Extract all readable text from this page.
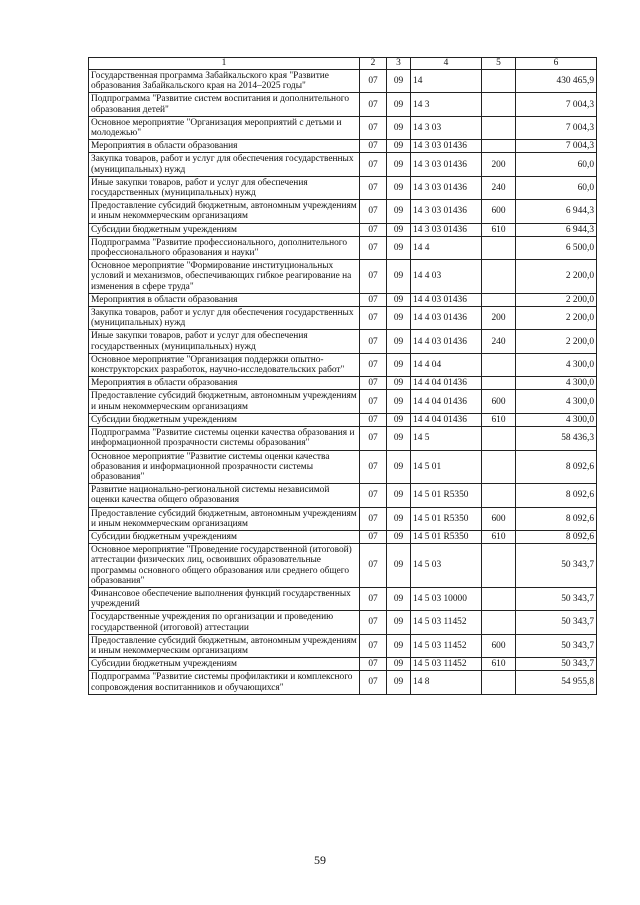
1	2	3	4	5	6
Государственная программа Забайкальского края "Развитие образования Забайкальского края на 2014–2025 годы"	07	09	14		430 465,9
Подпрограмма "Развитие систем воспитания и дополнительного образования детей"	07	09	14 3		7 004,3
Основное мероприятие "Организация мероприятий с детьми и молодежью"	07	09	14 3 03		7 004,3
Мероприятия в области образования	07	09	14 3 03 01436		7 004,3
Закупка товаров, работ и услуг для обеспечения государственных (муниципальных) нужд	07	09	14 3 03 01436	200	60,0
Иные закупки товаров, работ и услуг для обеспечения государственных (муниципальных) нужд	07	09	14 3 03 01436	240	60,0
Предоставление субсидий бюджетным, автономным учреждениям и иным некоммерческим организациям	07	09	14 3 03 01436	600	6 944,3
Субсидии бюджетным учреждениям	07	09	14 3 03 01436	610	6 944,3
Подпрограмма "Развитие профессионального, дополнительного профессионального образования и науки"	07	09	14 4		6 500,0
Основное мероприятие "Формирование институциональных условий и механизмов, обеспечивающих гибкое реагирование на изменения в сфере труда"	07	09	14 4 03		2 200,0
Мероприятия в области образования	07	09	14 4 03 01436		2 200,0
Закупка товаров, работ и услуг для обеспечения государственных (муниципальных) нужд	07	09	14 4 03 01436	200	2 200,0
Иные закупки товаров, работ и услуг для обеспечения государственных (муниципальных) нужд	07	09	14 4 03 01436	240	2 200,0
Основное мероприятие "Организация поддержки опытно-конструкторских разработок, научно-исследовательских работ"	07	09	14 4 04		4 300,0
Мероприятия в области образования	07	09	14 4 04 01436		4 300,0
Предоставление субсидий бюджетным, автономным учреждениям и иным некоммерческим организациям	07	09	14 4 04 01436	600	4 300,0
Субсидии бюджетным учреждениям	07	09	14 4 04 01436	610	4 300,0
Подпрограмма "Развитие системы оценки качества образования и информационной прозрачности системы образования"	07	09	14 5		58 436,3
Основное мероприятие "Развитие системы оценки качества образования и информационной прозрачности системы образования"	07	09	14 5 01		8 092,6
Развитие национально-региональной системы независимой оценки качества общего образования	07	09	14 5 01 R5350		8 092,6
Предоставление субсидий бюджетным, автономным учреждениям и иным некоммерческим организациям	07	09	14 5 01 R5350	600	8 092,6
Субсидии бюджетным учреждениям	07	09	14 5 01 R5350	610	8 092,6
Основное мероприятие "Проведение государственной (итоговой) аттестации физических лиц, освоивших образовательные программы основного общего образования или среднего общего образования"	07	09	14 5 03		50 343,7
Финансовое обеспечение выполнения функций государственных учреждений	07	09	14 5 03 10000		50 343,7
Государственные учреждения по организации и проведению государственной (итоговой) аттестации	07	09	14 5 03 11452		50 343,7
Предоставление субсидий бюджетным, автономным учреждениям и иным некоммерческим организациям	07	09	14 5 03 11452	600	50 343,7
Субсидии бюджетным учреждениям	07	09	14 5 03 11452	610	50 343,7
Подпрограмма "Развитие системы профилактики и комплексного сопровождения воспитанников и обучающихся"	07	09	14 8		54 955,8
59
